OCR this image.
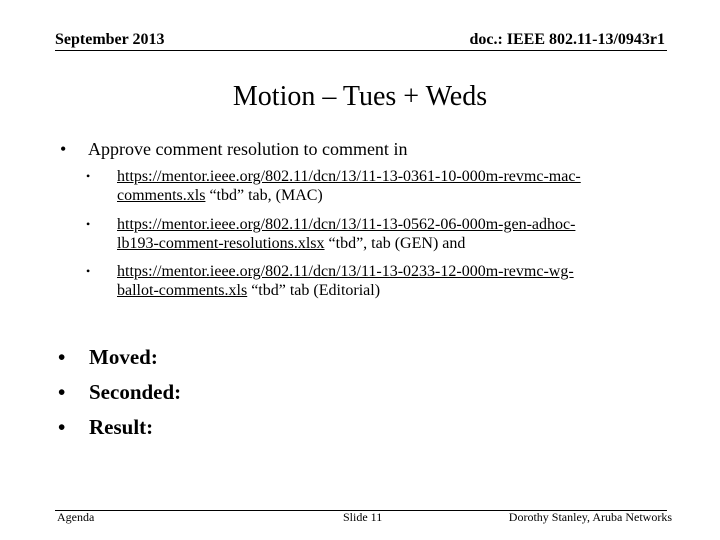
September 2013	doc.: IEEE 802.11-13/0943r1
Motion – Tues + Weds
• Approve comment resolution to comment in
• https://mentor.ieee.org/802.11/dcn/13/11-13-0361-10-000m-revmc-mac-
comments.xls “tbd” tab, (MAC)
• https://mentor.ieee.org/802.11/dcn/13/11-13-0562-06-000m-gen-adhoc-
lb193-comment-resolutions.xlsx “tbd”, tab (GEN) and
• https://mentor.ieee.org/802.11/dcn/13/11-13-0233-12-000m-revmc-wg-
ballot-comments.xls “tbd” tab (Editorial)
• Moved:
• Seconded:
• Result:
Agenda	Slide 11	Dorothy Stanley, Aruba Networks
